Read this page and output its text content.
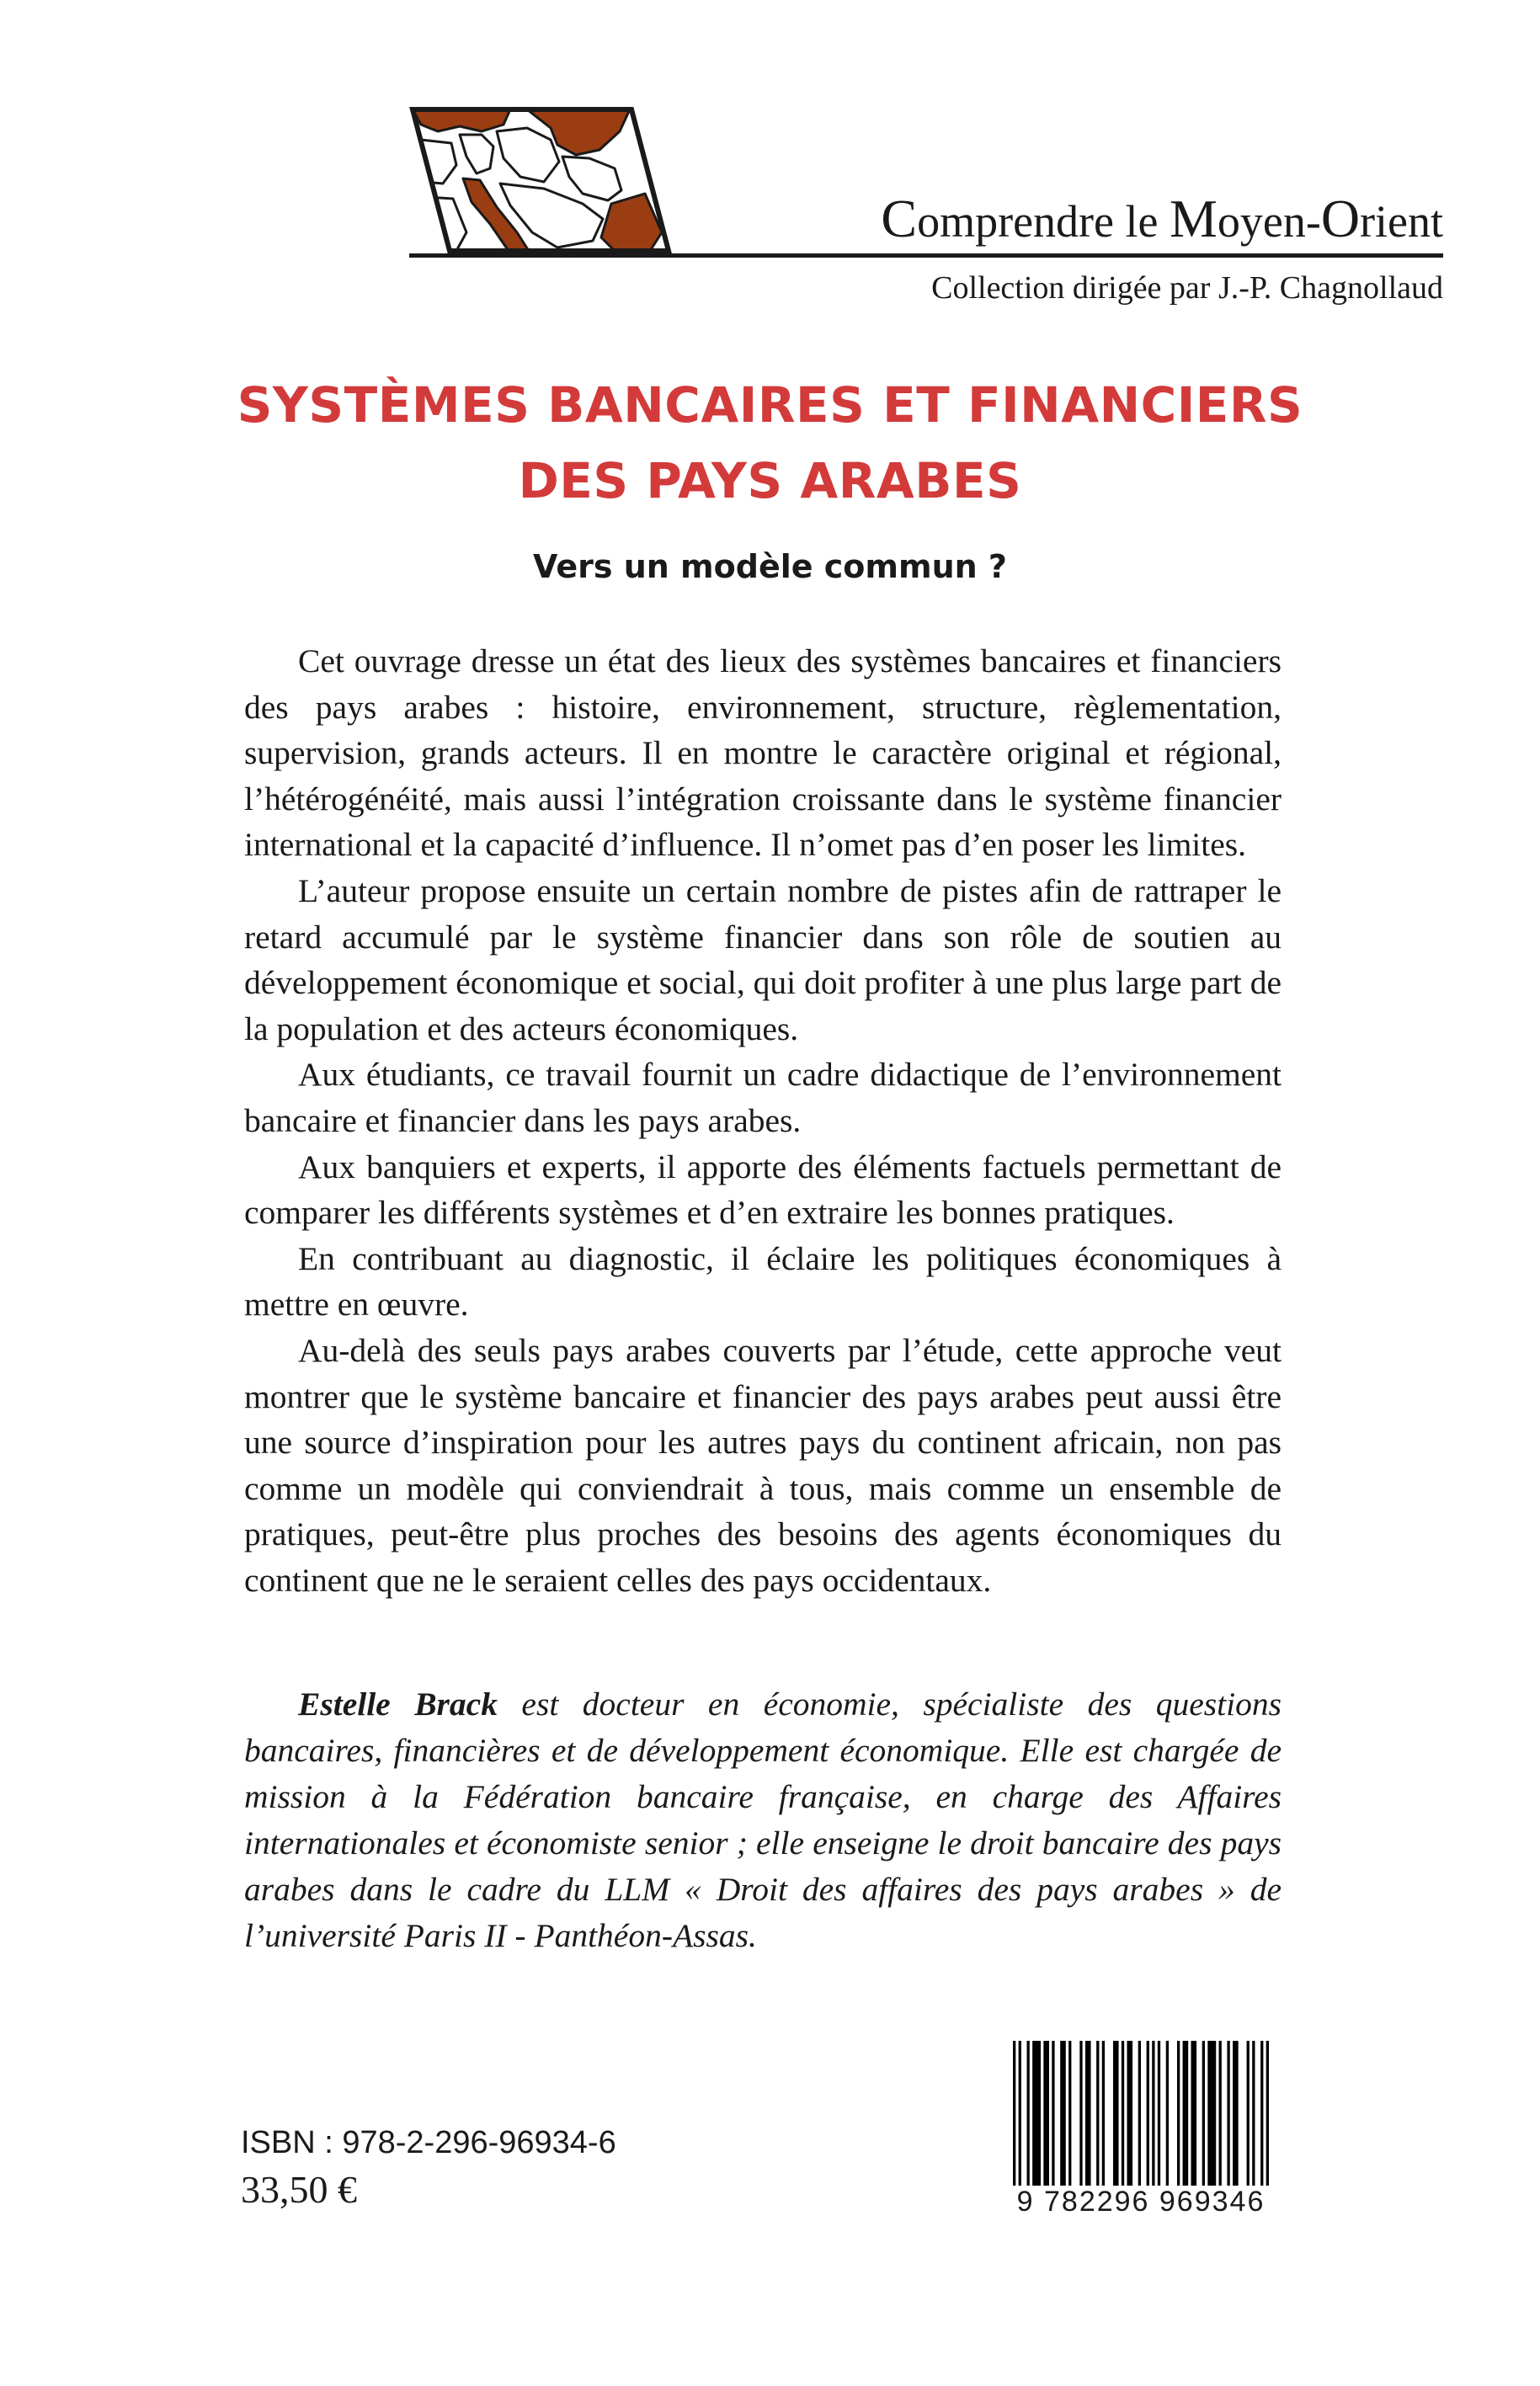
Comprendre le Moyen-Orient
Collection dirigée par J.-P. Chagnollaud
SYSTÈMES BANCAIRES ET FINANCIERS
DES PAYS ARABES
Vers un modèle commun ?

Cet ouvrage dresse un état des lieux des systèmes bancaires et financiers des pays arabes : histoire, environnement, structure, règlementation, supervision, grands acteurs. Il en montre le caractère original et régional, l’hétérogénéité, mais aussi l’intégration croissante dans le système financier international et la capacité d’influence. Il n’omet pas d’en poser les limites.

L’auteur propose ensuite un certain nombre de pistes afin de rattraper le retard accumulé par le système financier dans son rôle de soutien au développement économique et social, qui doit profiter à une plus large part de la population et des acteurs économiques.

Aux étudiants, ce travail fournit un cadre didactique de l’environnement bancaire et financier dans les pays arabes.

Aux banquiers et experts, il apporte des éléments factuels permettant de comparer les différents systèmes et d’en extraire les bonnes pratiques.

En contribuant au diagnostic, il éclaire les politiques économiques à mettre en œuvre.

Au-delà des seuls pays arabes couverts par l’étude, cette approche veut montrer que le système bancaire et financier des pays arabes peut aussi être une source d’inspiration pour les autres pays du continent africain, non pas comme un modèle qui conviendrait à tous, mais comme un ensemble de pratiques, peut-être plus proches des besoins des agents économiques du continent que ne le seraient celles des pays occidentaux.

Estelle Brack est docteur en économie, spécialiste des questions bancaires, financières et de développement économique. Elle est chargée de mission à la Fédération bancaire française, en charge des Affaires internationales et économiste senior ; elle enseigne le droit bancaire des pays arabes dans le cadre du LLM « Droit des affaires des pays arabes » de l’université Paris II - Panthéon-Assas.

ISBN : 978-2-296-96934-6
33,50 €	9 782296 969346
